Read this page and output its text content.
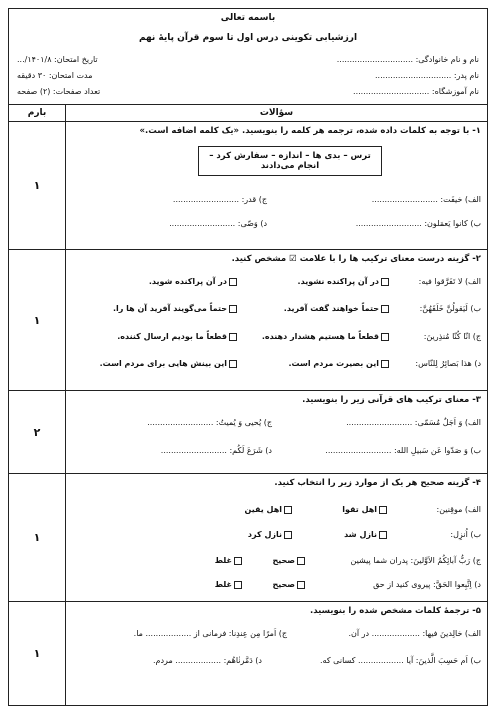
باسمه تعالی
ارزشیابی تکوینی درس اول تا سوم قرآن پایۀ نهم
نام و نام خانوادگی: ..............................
تاریخ امتحان: ۱۴۰۱/۸/...
نام پدر: ..............................
مدت امتحان: ۳۰ دقیقه
نام آموزشگاه: ..............................
تعداد صفحات: (۲) صفحه
سؤالات
بارم
۱- با توجه به کلمات داده شده، ترجمه هر کلمه را بنویسید. «یک کلمه اضافه است.»
ترس – بدی ها – اندازه – سفارش کرد – انجام می‌دادند
الف) خیفَت: ..........................
ج) قدر: ..........................
ب) کانوا یَعمَلون: ..........................
د) وَصّی: ..........................
۱
۲- گزینه درست معنای ترکیب ها را با علامت ☑ مشخص کنید.
الف) لا تَفَرَّقوا فیه:
در آن پراکنده نشوید.
در آن پراکنده شوید.
ب) لَیَقولُنَّ خَلَقَهُنَّ:
حتماً خواهند گفت آفرید.
حتماً می‌گویند آفرید آن ها را.
ج) انّا کُنّا مُنذِرینَ:
قطعاً ما هستیم هشدار دهنده.
قطعاً ما بودیم ارسال کننده.
د) هذا بَصائِرُ لِلنّاس:
این بصیرت مردم است.
این بینش هایی برای مردم است.
۱
۳- معنای ترکیب های قرآنی زیر را بنویسید.
الف) وَ اَجَلٌ مُسَمّی: ..........................
ج) یُحیی وَ یُمیتُ: ..........................
ب) وَ صَدّوا عَن سَبیلِ الله: ..........................
د) شَرَعَ لَکُم: ..........................
۲
۴- گزینه صحیح هر یک از موارد زیر را انتخاب کنید.
الف) موقِنین:
اهل تقوا
اهل یقین
ب) اُنزِل:
نازل شد
نازل کرد
ج) رَبُّ آبائِکُمُ الاَوَّلینَ: پدران شما پیشین
صحیح
غلط
د) اِتَّبِعوا الحَقَّ: پیروی کنید از حق
صحیح
غلط
۱
۵- ترجمۀ کلمات مشخص شده را بنویسید.
الف) خالِدینَ فیها: ................... در آن.
ج) اَمرًا مِن عِندِنا: فرمانی از .................. ما.
ب) اَم حَسِبَ الَّذینَ: آیا .................. کسانی که.
د) دَمَّرنٰاهُم: .................. مردم.
۱
